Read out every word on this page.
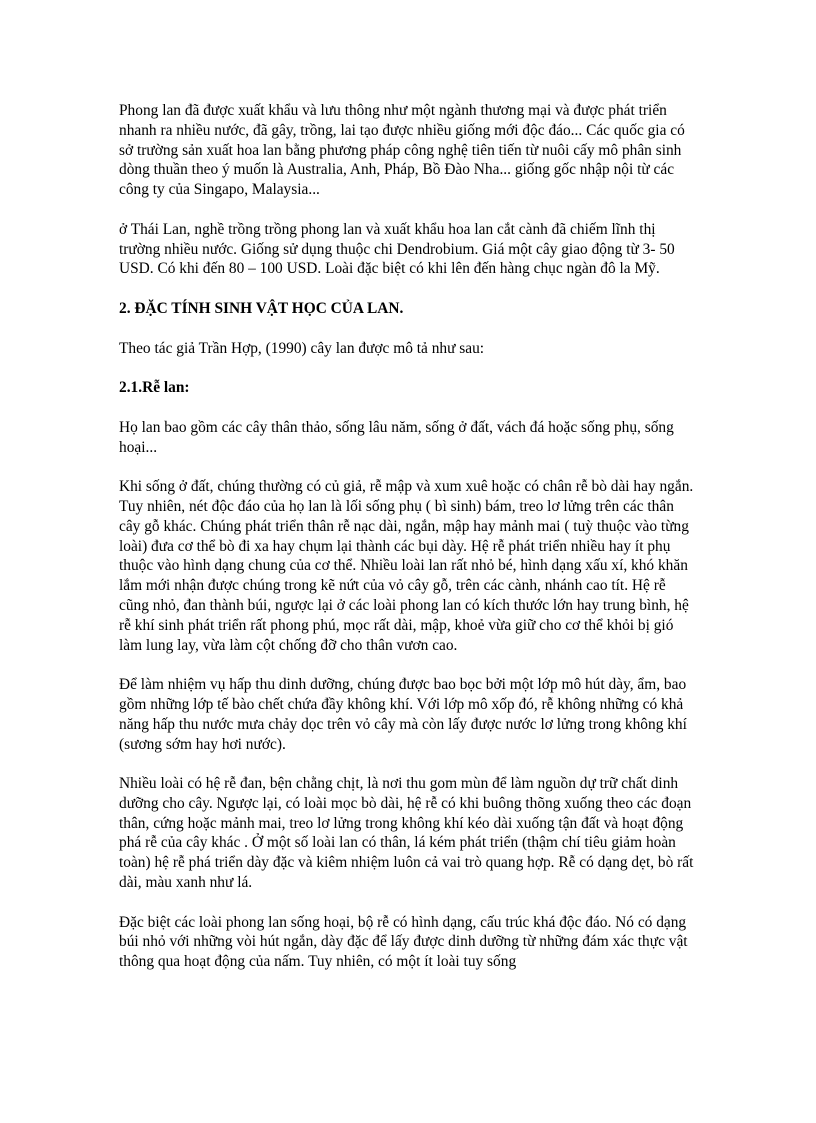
Phong lan đã được xuất khẩu và lưu thông như một ngành thương mại và được phát triển nhanh ra nhiều nước, đã gây, trồng, lai tạo được nhiều giống mới độc đáo... Các quốc gia có sở trường sản xuất hoa lan bằng phương pháp công nghệ tiên tiến từ nuôi cấy mô phân sinh dòng thuần theo ý muốn là Australia, Anh, Pháp, Bồ Đào Nha... giống gốc nhập nội từ các công ty của Singapo, Malaysia...

ở Thái Lan, nghề trồng trồng phong lan và xuất khẩu hoa lan cắt cành đã chiếm lĩnh thị trường nhiều nước. Giống sử dụng thuộc chi Dendrobium. Giá một cây giao động từ 3- 50 USD. Có khi đến 80 – 100 USD. Loài đặc biệt có khi lên đến hàng chục ngàn đô la Mỹ.

2. ĐẶC TÍNH SINH VẬT HỌC CỦA LAN.

Theo tác giả Trần Hợp, (1990) cây lan được mô tả như sau:

2.1.Rễ lan:

Họ lan bao gồm các cây thân thảo, sống lâu năm, sống ở đất, vách đá hoặc sống phụ, sống hoại...

Khi sống ở đất, chúng thường có củ giả, rễ mập và xum xuê hoặc có chân rễ bò dài hay ngắn. Tuy nhiên, nét độc đáo của họ lan là lối sống phụ ( bì sinh) bám, treo lơ lửng trên các thân cây gỗ khác. Chúng phát triển thân rễ nạc dài, ngắn, mập hay mảnh mai ( tuỳ thuộc vào từng loài) đưa cơ thể bò đi xa hay chụm lại thành các bụi dày. Hệ rễ phát triển nhiều hay ít phụ thuộc vào hình dạng chung của cơ thể. Nhiều loài lan rất nhỏ bé, hình dạng xấu xí, khó khăn lắm mới nhận được chúng trong kẽ nứt của vỏ cây gỗ, trên các cành, nhánh cao tít. Hệ rễ cũng nhỏ, đan thành búi, ngược lại ở các loài phong lan có kích thước lớn hay trung bình, hệ rễ khí sinh phát triển rất phong phú, mọc rất dài, mập, khoẻ vừa giữ cho cơ thể khỏi bị gió làm lung lay, vừa làm cột chống đỡ cho thân vươn cao.

Để làm nhiệm vụ hấp thu dinh dưỡng, chúng được bao bọc bởi một lớp mô hút dày, ẩm, bao gồm những lớp tế bào chết chứa đầy không khí. Với lớp mô xốp đó, rễ không những có khả năng hấp thu nước mưa chảy dọc trên vỏ cây mà còn lấy được nước lơ lửng trong không khí (sương sớm hay hơi nước).

Nhiều loài có hệ rễ đan, bện chằng chịt, là nơi thu gom mùn để làm nguồn dự trữ chất dinh dưỡng cho cây. Ngược lại, có loài mọc bò dài, hệ rễ có khi buông thõng xuống theo các đoạn thân, cứng hoặc mảnh mai, treo lơ lửng trong không khí kéo dài xuống tận đất và hoạt động phá rễ của cây khác . Ở một số loài lan có thân, lá kém phát triển (thậm chí tiêu giảm hoàn toàn) hệ rễ phá triển dày đặc và kiêm nhiệm luôn cả vai trò quang hợp. Rễ có dạng dẹt, bò rất dài, màu xanh như lá.

Đặc biệt các loài phong lan sống hoại, bộ rễ có hình dạng, cấu trúc khá độc đáo. Nó có dạng búi nhỏ với những vòi hút ngắn, dày đặc để lấy được dinh dưỡng từ những đám xác thực vật thông qua hoạt động của nấm. Tuy nhiên, có một ít loài tuy sống
